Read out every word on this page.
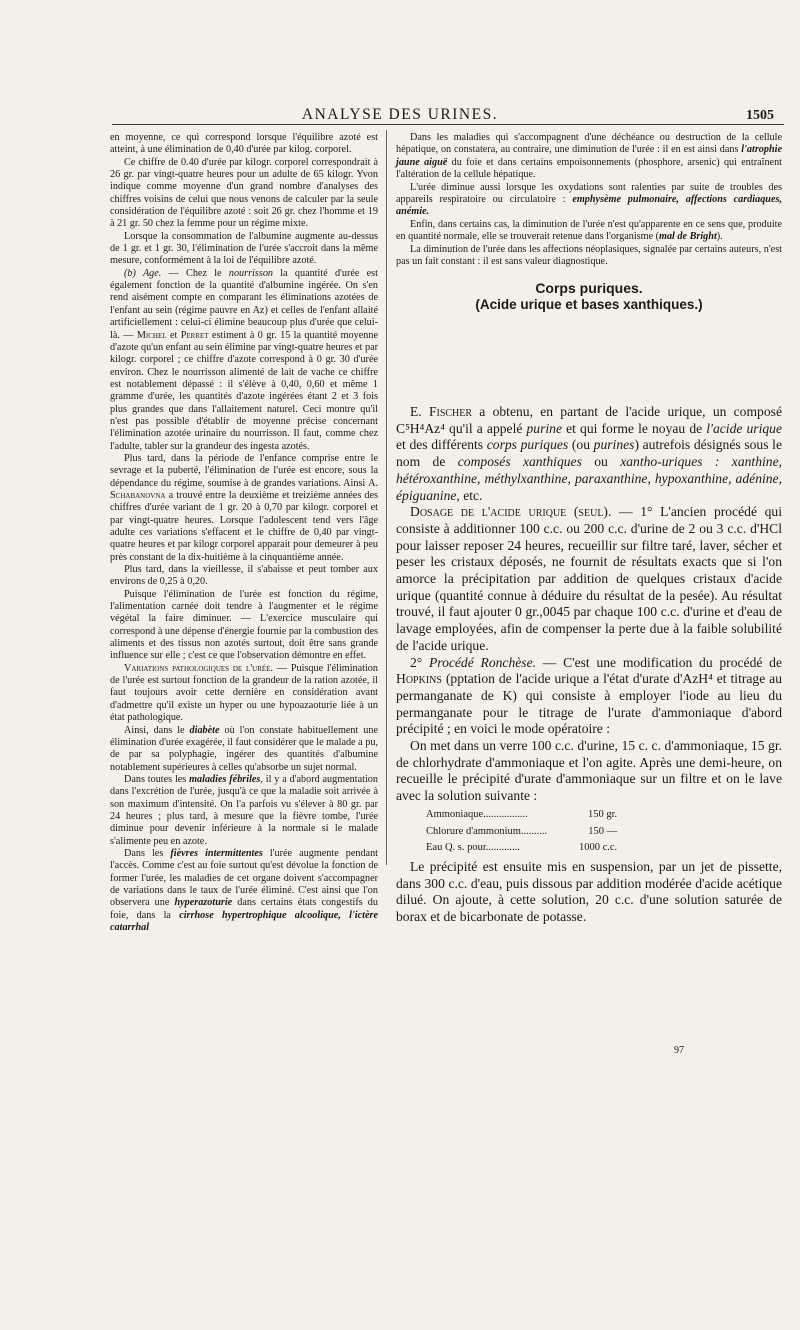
ANALYSE DES URINES.	1505

en moyenne, ce qui correspond lorsque l'équilibre azoté est atteint, à une élimination de 0,40 d'urée par kilog. corporel.

Ce chiffre de 0.40 d'urée par kilogr. corporel correspondrait à 26 gr. par vingt-quatre heures pour un adulte de 65 kilogr. Yvon indique comme moyenne d'un grand nombre d'analyses des chiffres voisins de celui que nous venons de calculer par la seule considération de l'équilibre azoté : soit 26 gr. chez l'homme et 19 à 21 gr. 50 chez la femme pour un régime mixte.

Lorsque la consommation de l'albumine augmente au-dessus de 1 gr. et 1 gr. 30, l'élimination de l'urée s'accroit dans la même mesure, conformément à la loi de l'équilibre azoté.

(b) Age. — Chez le nourrisson la quantité d'urée est également fonction de la quantité d'albumine ingérée. On s'en rend aisément compte en comparant les éliminations azotées de l'enfant au sein (régime pauvre en Az) et celles de l'enfant allaité artificiellement : celui-ci élimine beaucoup plus d'urée que celui-là. — Michel et Perret estiment à 0 gr. 15 la quantité moyenne d'azote qu'un enfant au sein élimine par vingt-quatre heures et par kilogr. corporel ; ce chiffre d'azote correspond à 0 gr. 30 d'urée environ. Chez le nourrisson alimenté de lait de vache ce chiffre est notablement dépassé : il s'élève à 0,40, 0,60 et même 1 gramme d'urée, les quantités d'azote ingérées étant 2 et 3 fois plus grandes que dans l'allaitement naturel. Ceci montre qu'il n'est pas possible d'établir de moyenne précise concernant l'élimination azotée urinaire du nourrisson. Il faut, comme chez l'adulte, tabler sur la grandeur des ingesta azotés.

Plus tard, dans la période de l'enfance comprise entre le sevrage et la puberté, l'élimination de l'urée est encore, sous la dépendance du régime, soumise à de grandes variations. Ainsi A. Schabanovna a trouvé entre la deuxième et treizième années des chiffres d'urée variant de 1 gr. 20 à 0,70 par kilogr. corporel et par vingt-quatre heures. Lorsque l'adolescent tend vers l'âge adulte ces variations s'effacent et le chiffre de 0,40 par vingt-quatre heures et par kilogr corporel apparait pour demeurer à peu près constant de la dix-huitième à la cinquantième année.

Plus tard, dans la vieillesse, il s'abaisse et peut tomber aux environs de 0,25 à 0,20.

Puisque l'élimination de l'urée est fonction du régime, l'alimentation carnée doit tendre à l'augmenter et le régime végétal la faire diminuer. — L'exercice musculaire qui correspond à une dépense d'énergie fournie par la combustion des aliments et des tissus non azotés surtout, doit être sans grande influence sur elle ; c'est ce que l'observation démontre en effet.

Variations pathologiques de l'urée. — Puisque l'élimination de l'urée est surtout fonction de la grandeur de la ration azotée, il faut toujours avoir cette dernière en considération avant d'admettre qu'il existe un hyper ou une hypoazaoturie liée à un état pathologique.

Ainsi, dans le diabète où l'on constate habituellement une élimination d'urée exagérée, il faut considérer que le malade a pu, de par sa polyphagie, ingérer des quantités d'albumine notablement supérieures à celles qu'absorbe un sujet normal.

Dans toutes les maladies fébriles, il y a d'abord augmentation dans l'excrétion de l'urée, jusqu'à ce que la maladie soit arrivée à son maximum d'intensité. On l'a parfois vu s'élever à 80 gr. par 24 heures ; plus tard, à mesure que la fièvre tombe, l'urée diminue pour devenir inférieure à la normale si le malade s'alimente peu en azote.

Dans les fièvres intermittentes l'urée augmente pendant l'accès. Comme c'est au foie surtout qu'est dévolue la fonction de former l'urée, les maladies de cet organe doivent s'accompagner de variations dans le taux de l'urée éliminé. C'est ainsi que l'on observera une hyperazoturie dans certains états congestifs du foie, dans la cirrhose hypertrophique alcoolique, l'ictère catarrhal

Dans les maladies qui s'accompagnent d'une déchéance ou destruction de la cellule hépatique, on constatera, au contraire, une diminution de l'urée : il en est ainsi dans l'atrophie jaune aiguë du foie et dans certains empoisonnements (phosphore, arsenic) qui entraînent l'altération de la cellule hépatique.

L'urée diminue aussi lorsque les oxydations sont ralenties par suite de troubles des appareils respiratoire ou circulatoire : emphysème pulmonaire, affections cardiaques, anémie.

Enfin, dans certains cas, la diminution de l'urée n'est qu'apparente en ce sens que, produite en quantité normale, elle se trouverait retenue dans l'organisme (mal de Bright).

La diminution de l'urée dans les affections néoplasiques, signalée par certains auteurs, n'est pas un fait constant : il est sans valeur diagnostique.

Corps puriques.
(Acide urique et bases xanthiques.)

E. Fischer a obtenu, en partant de l'acide urique, un composé C⁵H⁴Az⁴ qu'il a appelé purine et qui forme le noyau de l'acide urique et des différents corps puriques (ou purines) autrefois désignés sous le nom de composés xanthiques ou xantho-uriques : xanthine, hétéroxanthine, méthylxanthine, paraxanthine, hypoxanthine, adénine, épiguanine, etc.

Dosage de l'acide urique (seul). — 1° L'ancien procédé qui consiste à additionner 100 c.c. ou 200 c.c. d'urine de 2 ou 3 c.c. d'HCl pour laisser reposer 24 heures, recueillir sur filtre taré, laver, sécher et peser les cristaux déposés, ne fournit de résultats exacts que si l'on amorce la précipitation par addition de quelques cristaux d'acide urique (quantité connue à déduire du résultat de la pesée). Au résultat trouvé, il faut ajouter 0 gr.,0045 par chaque 100 c.c. d'urine et d'eau de lavage employées, afin de compenser la perte due à la faible solubilité de l'acide urique.

2° Procédé Ronchèse. — C'est une modification du procédé de Hopkins (pptation de l'acide urique a l'état d'urate d'AzH⁴ et titrage au permanganate de K) qui consiste à employer l'iode au lieu du permanganate pour le titrage de l'urate d'ammoniaque d'abord précipité ; en voici le mode opératoire :

On met dans un verre 100 c.c. d'urine, 15 c. c. d'ammoniaque, 15 gr. de chlorhydrate d'ammoniaque et l'on agite. Après une demi-heure, on recueille le précipité d'urate d'ammoniaque sur un filtre et on le lave avec la solution suivante :

Ammoniaque.................	150 gr.
Chlorure d'ammonium..........	150 —
Eau Q. s. pour.............	1000 c.c.

Le précipité est ensuite mis en suspension, par un jet de pissette, dans 300 c.c. d'eau, puis dissous par addition modérée d'acide acétique dilué. On ajoute, à cette solution, 20 c.c. d'une solution saturée de borax et de bicarbonate de potasse.

97
